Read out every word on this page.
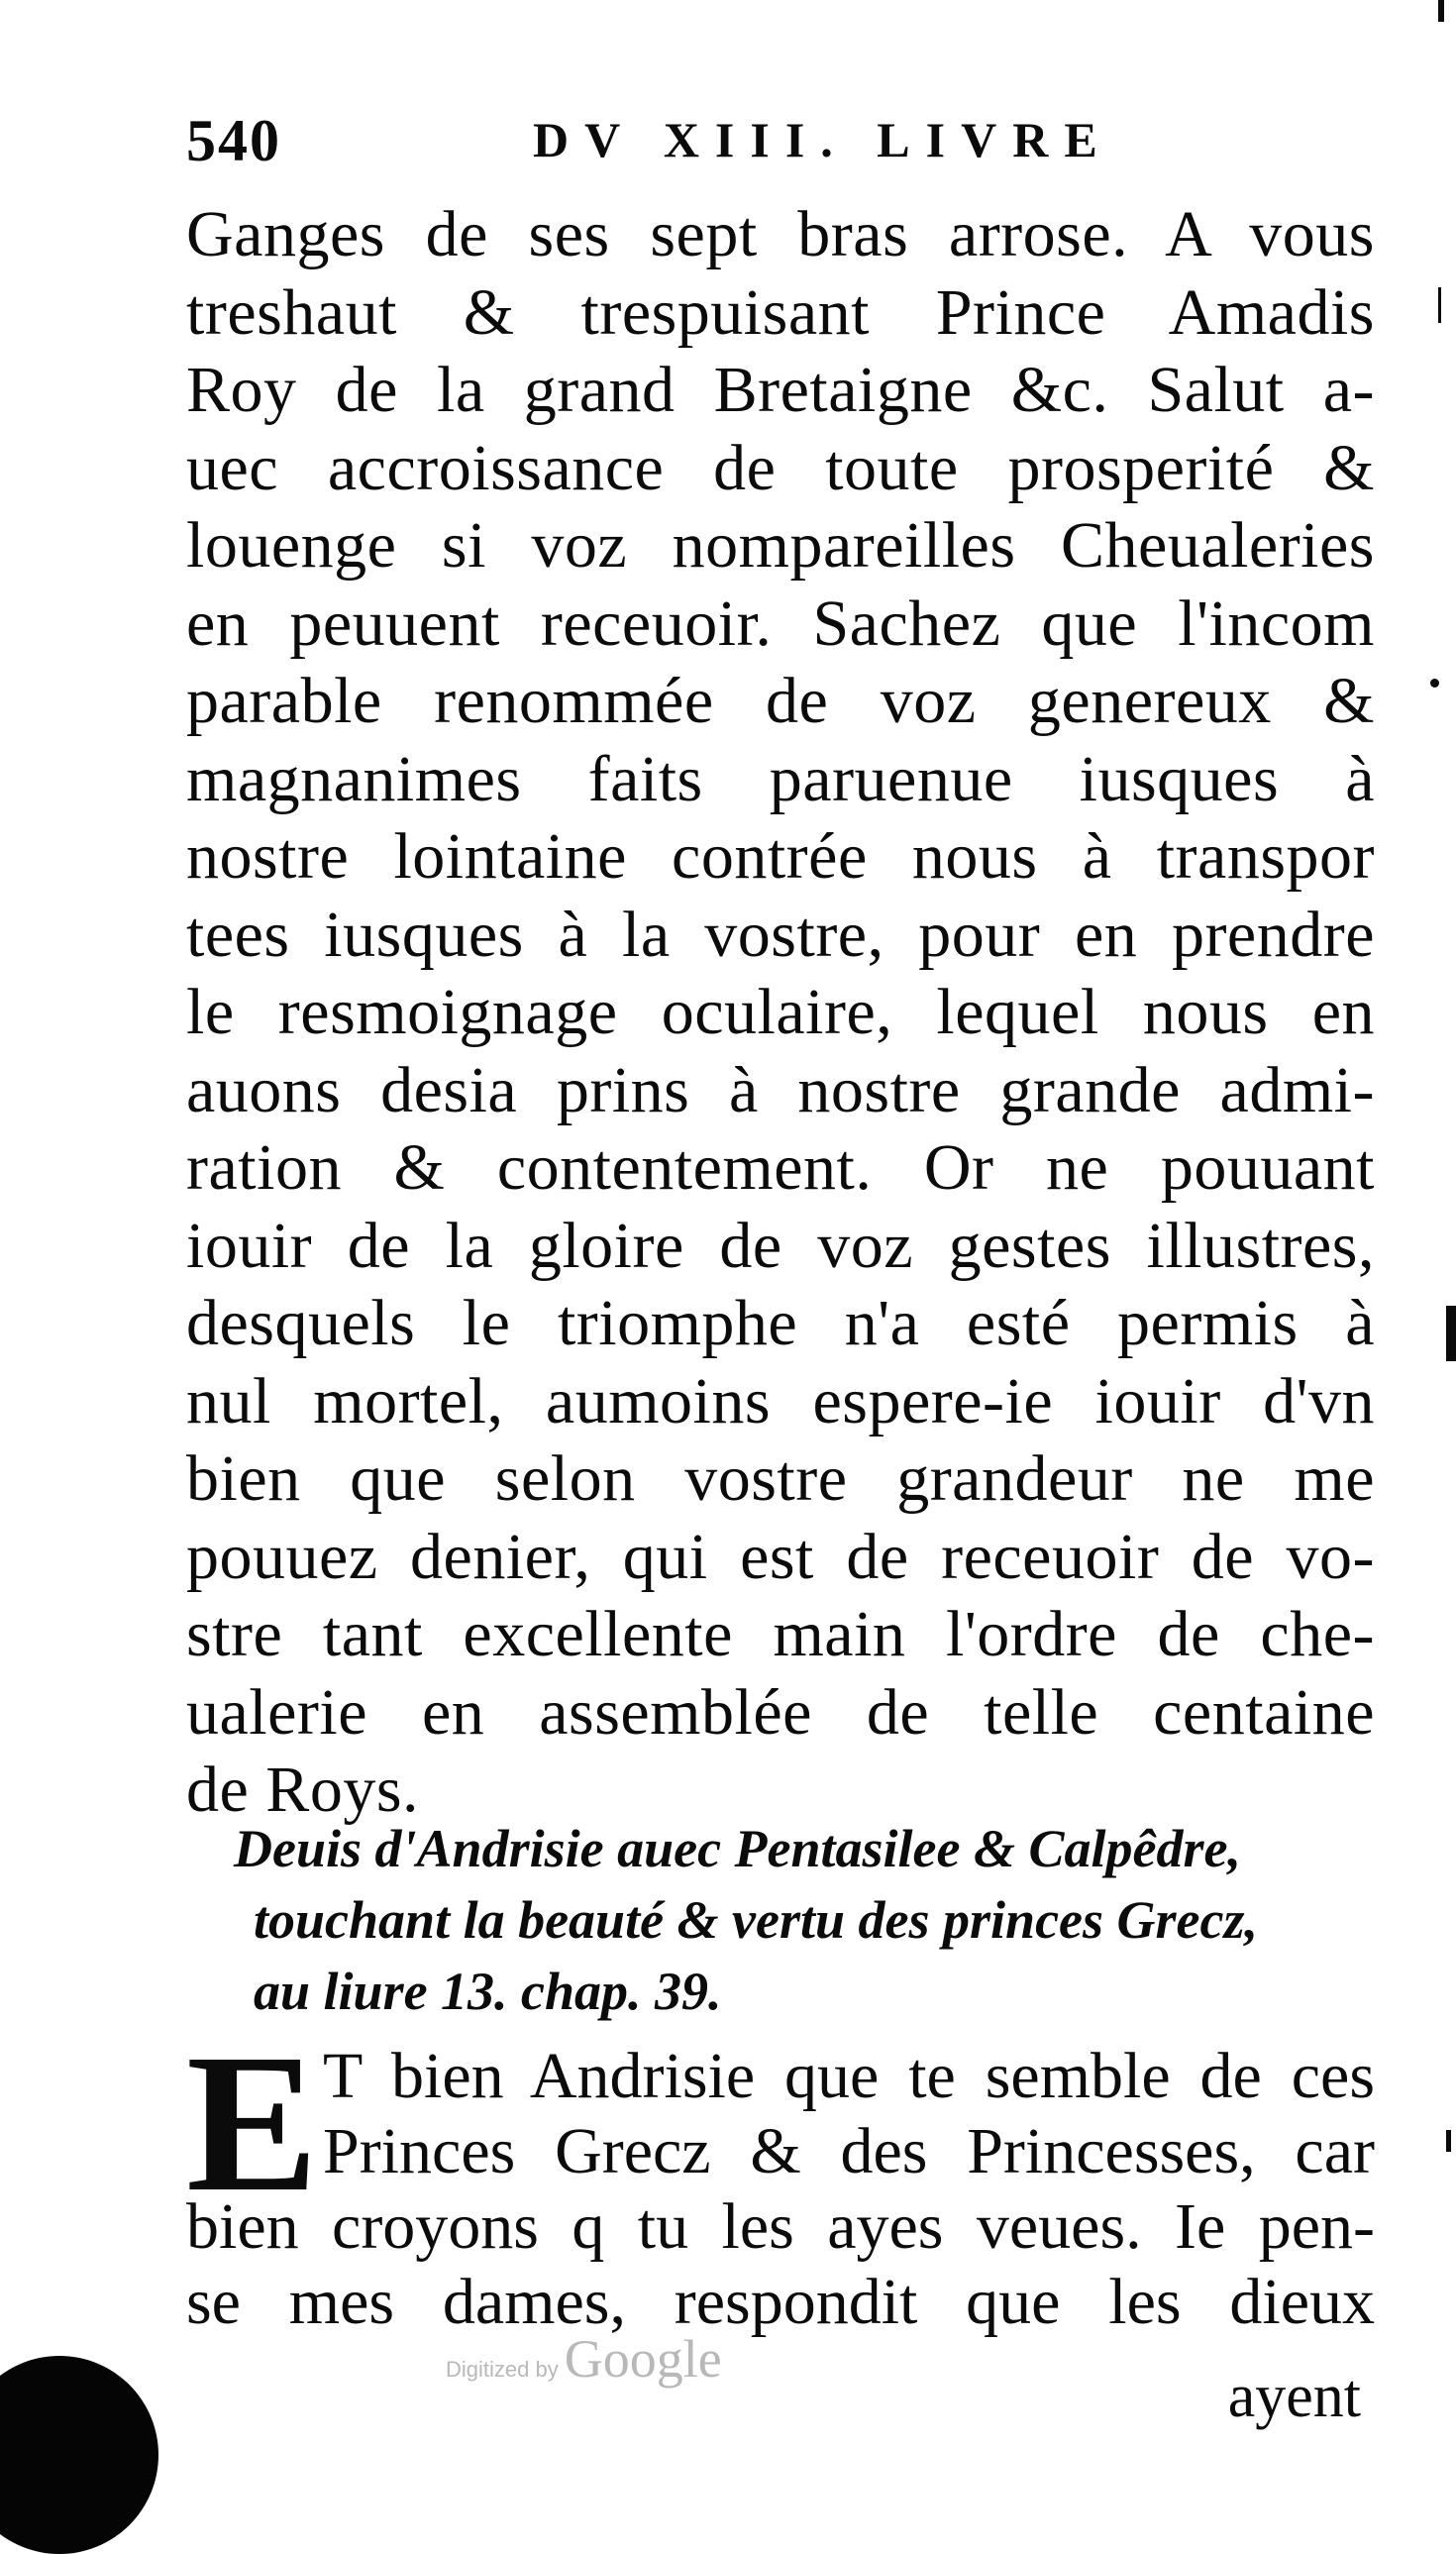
540	DV XIII. LIVRE
Ganges de ses sept bras arrose. A vous
treshaut & trespuisant Prince Amadis
Roy de la grand Bretaigne &c. Salut a-
uec accroissance de toute prosperité &
louenge si voz nompareilles Cheualeries
en peuuent receuoir. Sachez que l'incom
parable renommée de voz genereux &
magnanimes faits paruenue iusques à
nostre lointaine contrée nous à transpor
tees iusques à la vostre, pour en prendre
le resmoignage oculaire, lequel nous en
auons desia prins à nostre grande admi-
ration & contentement. Or ne pouuant
iouir de la gloire de voz gestes illustres,
desquels le triomphe n'a esté permis à
nul mortel, aumoins espere-ie iouir d'vn
bien que selon vostre grandeur ne me
pouuez denier, qui est de receuoir de vo-
stre tant excellente main l'ordre de che-
ualerie en assemblée de telle centaine
de Roys.
Deuis d'Andrisie auec Pentasilee & Calpêdre,
touchant la beauté & vertu des princes Grecz,
au liure 13. chap. 39.
E T bien Andrisie que te semble de ces
Princes Grecz & des Princesses, car
bien croyons q tu les ayes veues. Ie pen-
se mes dames, respondit que les dieux
Digitized by Google
ayent
